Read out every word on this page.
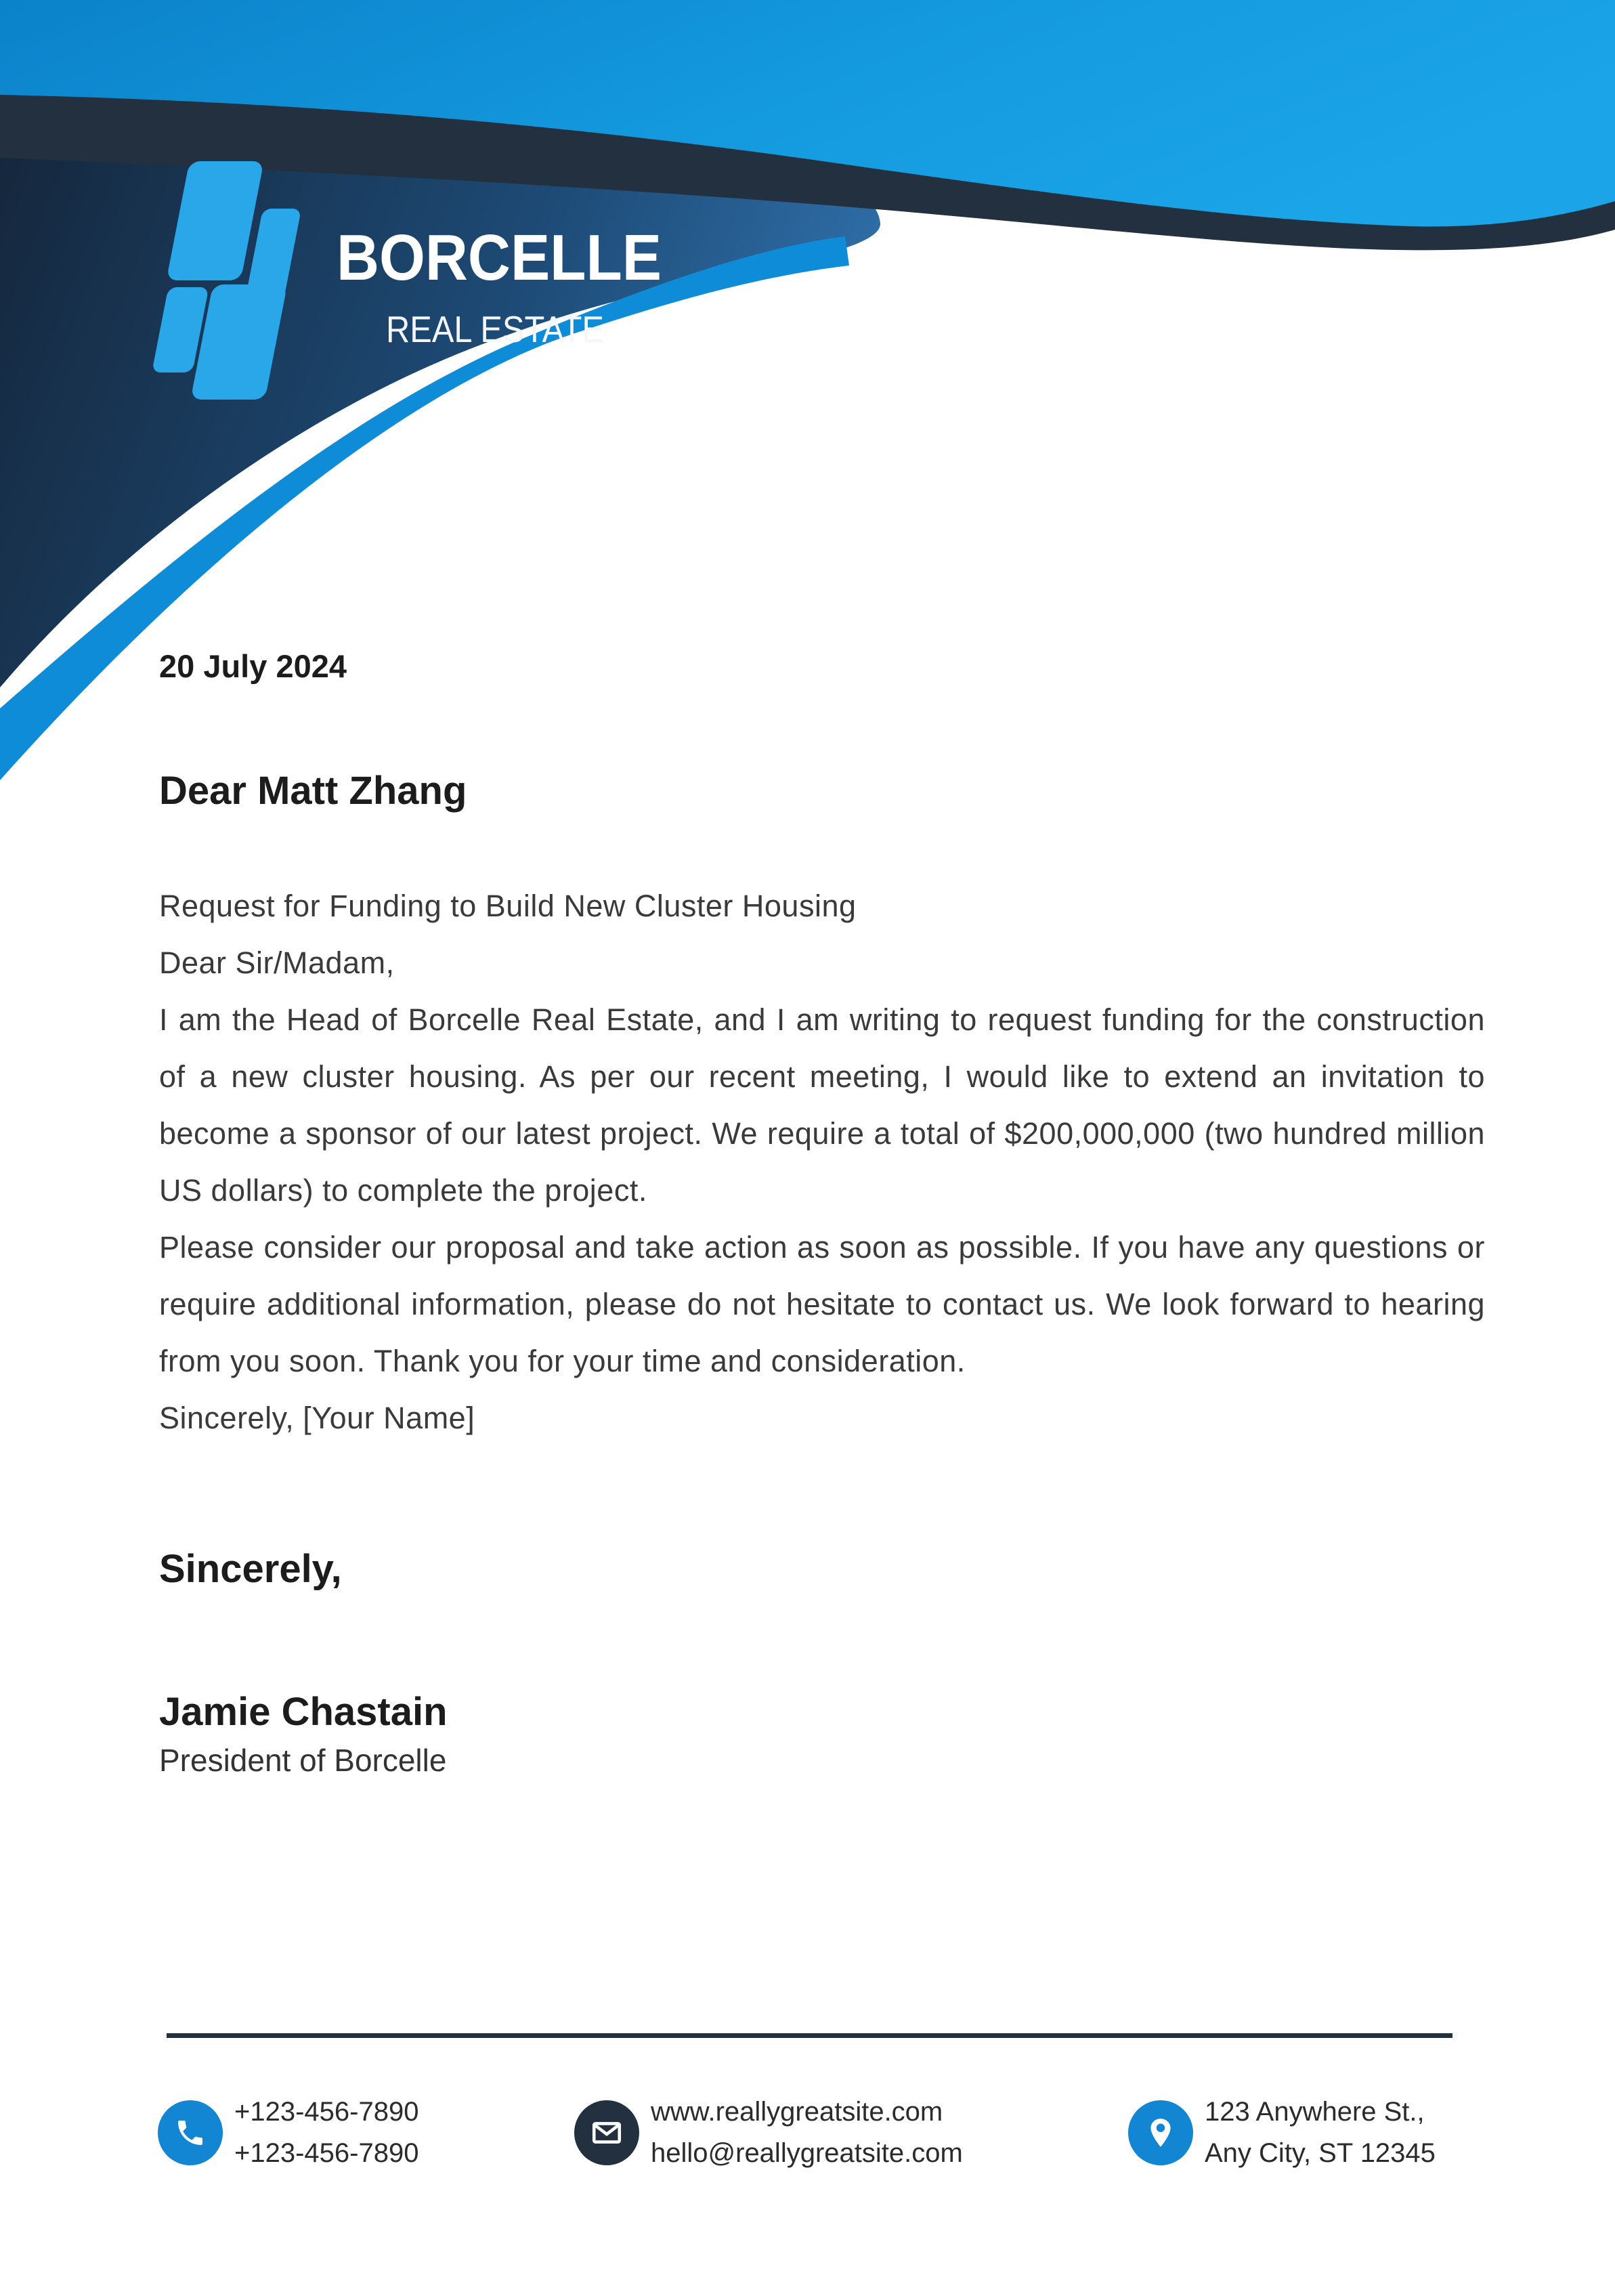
BORCELLE
REAL ESTATE
20 July 2024
Dear Matt Zhang

Request for Funding to Build New Cluster Housing

Dear Sir/Madam,

I am the Head of Borcelle Real Estate, and I am writing to request funding for the construction of a new cluster housing. As per our recent meeting, I would like to extend an invitation to become a sponsor of our latest project. We require a total of $200,000,000 (two hundred million US dollars) to complete the project.

Please consider our proposal and take action as soon as possible. If you have any questions or require additional information, please do not hesitate to contact us. We look forward to hearing from you soon. Thank you for your time and consideration.

Sincerely, [Your Name]

Sincerely,
Jamie Chastain
President of Borcelle
+123-456-7890
+123-456-7890
www.reallygreatsite.com
hello@reallygreatsite.com
123 Anywhere St.,
Any City, ST 12345
